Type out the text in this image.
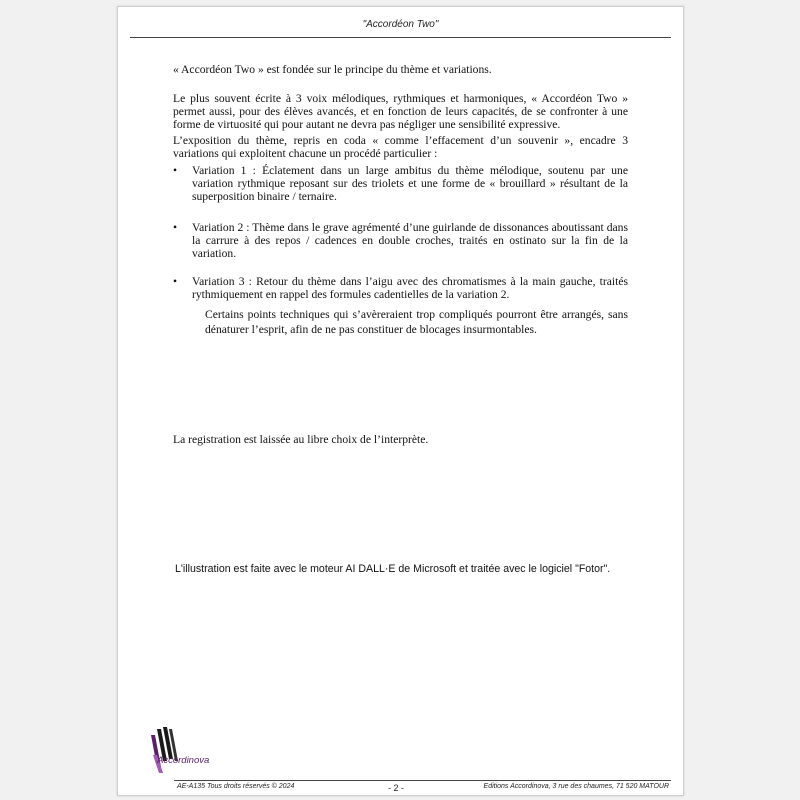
"Accordéon Two"
« Accordéon Two » est fondée sur le principe du thème et variations.
Le plus souvent écrite à 3 voix mélodiques, rythmiques et harmoniques, « Accordéon Two » permet aussi, pour des élèves avancés, et en fonction de leurs capacités, de se confronter à une forme de virtuosité qui pour autant ne devra pas négliger une sensibilité expressive.
L’exposition du thème, repris en coda « comme l’effacement d’un souvenir », encadre 3 variations qui exploitent chacune un procédé particulier :
• Variation 1 : Éclatement dans un large ambitus du thème mélodique, soutenu par une variation rythmique reposant sur des triolets et une forme de « brouillard » résultant de la superposition binaire / ternaire.
• Variation 2 : Thème dans le grave agrémenté d’une guirlande de dissonances aboutissant dans la carrure à des repos / cadences en double croches, traités en ostinato sur la fin de la variation.
• Variation 3 : Retour du thème dans l’aigu avec des chromatismes à la main gauche, traités rythmiquement en rappel des formules cadentielles de la variation 2.
Certains points techniques qui s’avèreraient trop compliqués pourront être arrangés, sans dénaturer l’esprit, afin de ne pas constituer de blocages insurmontables.
La registration est laissée au libre choix de l’interprète.
L'illustration est faite avec le moteur AI DALL·E de Microsoft et traitée avec le logiciel "Fotor".
Accordinova
AE-A135 Tous droits réservés © 2024	- 2 -	Editions Accordinova, 3 rue des chaumes, 71 520 MATOUR
